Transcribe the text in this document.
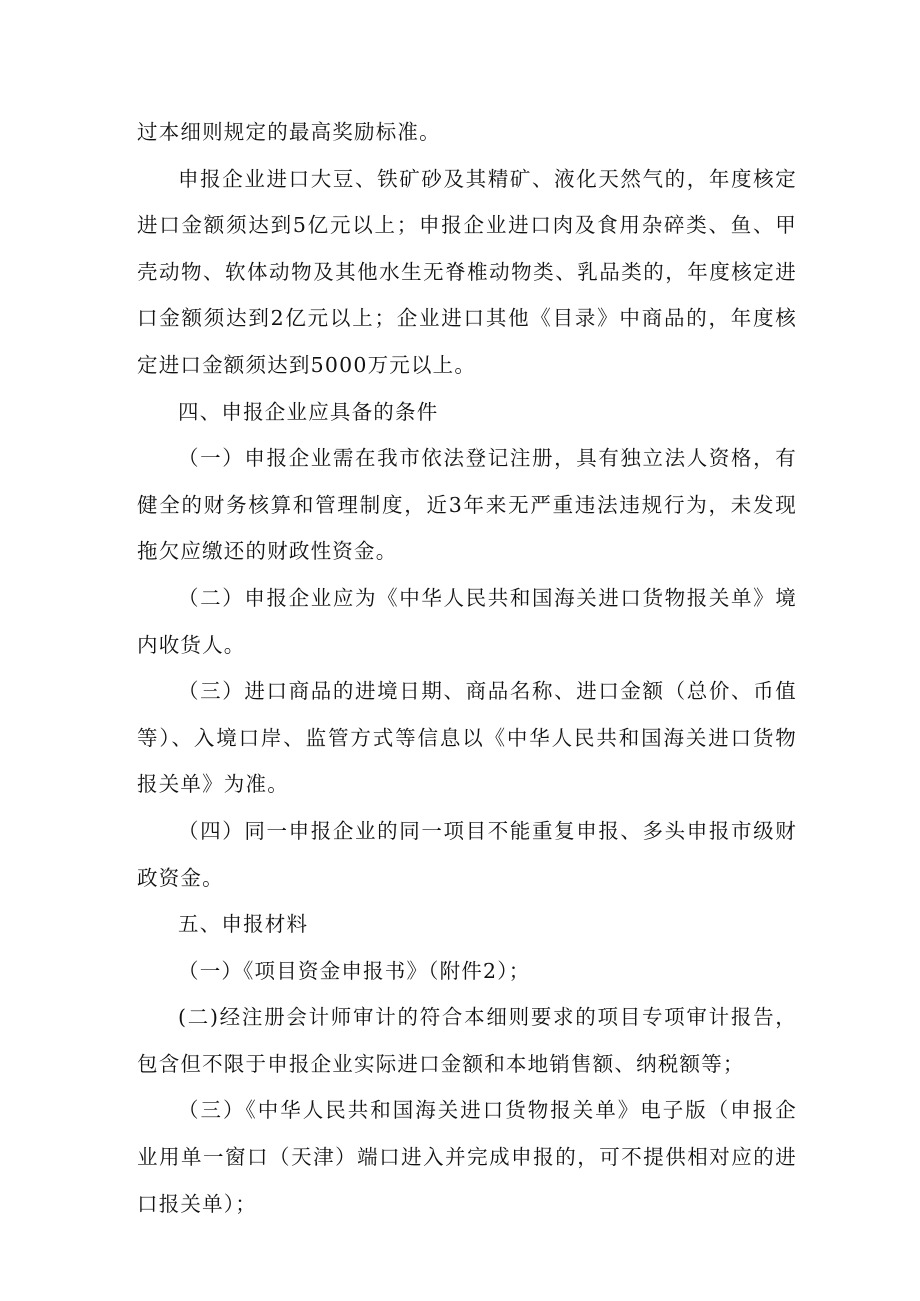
过本细则规定的最高奖励标准。

申报企业进口大豆、铁矿砂及其精矿、液化天然气的，年度核定进口金额须达到5亿元以上；申报企业进口肉及食用杂碎类、鱼、甲壳动物、软体动物及其他水生无脊椎动物类、乳品类的，年度核定进口金额须达到2亿元以上；企业进口其他《目录》中商品的，年度核定进口金额须达到5000万元以上。

四、申报企业应具备的条件

（一）申报企业需在我市依法登记注册，具有独立法人资格，有健全的财务核算和管理制度，近3年来无严重违法违规行为，未发现拖欠应缴还的财政性资金。

（二）申报企业应为《中华人民共和国海关进口货物报关单》境内收货人。

（三）进口商品的进境日期、商品名称、进口金额（总价、币值等）、入境口岸、监管方式等信息以《中华人民共和国海关进口货物报关单》为准。

（四）同一申报企业的同一项目不能重复申报、多头申报市级财政资金。

五、申报材料

（一）《项目资金申报书》（附件2）；

(二)经注册会计师审计的符合本细则要求的项目专项审计报告，包含但不限于申报企业实际进口金额和本地销售额、纳税额等；

（三）《中华人民共和国海关进口货物报关单》电子版（申报企业用单一窗口（天津）端口进入并完成申报的，可不提供相对应的进口报关单）；
